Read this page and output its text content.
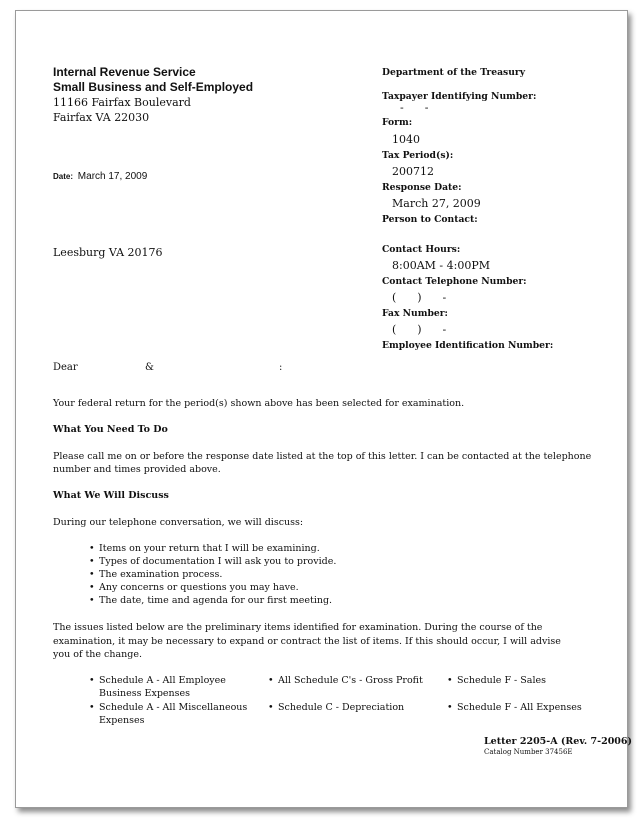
Internal Revenue Service
Small Business and Self-Employed
11166 Fairfax Boulevard
Fairfax VA 22030
Date: March 17, 2009
Leesburg VA 20176
Department of the Treasury
Taxpayer Identifying Number:
-      -
Form:
1040
Tax Period(s):
200712
Response Date:
March 27, 2009
Person to Contact:
Contact Hours:
8:00AM - 4:00PM
Contact Telephone Number:
(      )      -
Fax Number:
(      )      -
Employee Identification Number:
Dear	&	:
Your federal return for the period(s) shown above has been selected for examination.
What You Need To Do
Please call me on or before the response date listed at the top of this letter. I can be contacted at the telephone
number and times provided above.
What We Will Discuss
During our telephone conversation, we will discuss:
• Items on your return that I will be examining.
• Types of documentation I will ask you to provide.
• The examination process.
• Any concerns or questions you may have.
• The date, time and agenda for our first meeting.
The issues listed below are the preliminary items identified for examination. During the course of the
examination, it may be necessary to expand or contract the list of items. If this should occur, I will advise
you of the change.
• Schedule A - All Employee
Business Expenses
• Schedule A - All Miscellaneous
Expenses
• All Schedule C's - Gross Profit
• Schedule C - Depreciation
• Schedule F - Sales
• Schedule F - All Expenses
Letter 2205-A (Rev. 7-2006)
Catalog Number 37456E
